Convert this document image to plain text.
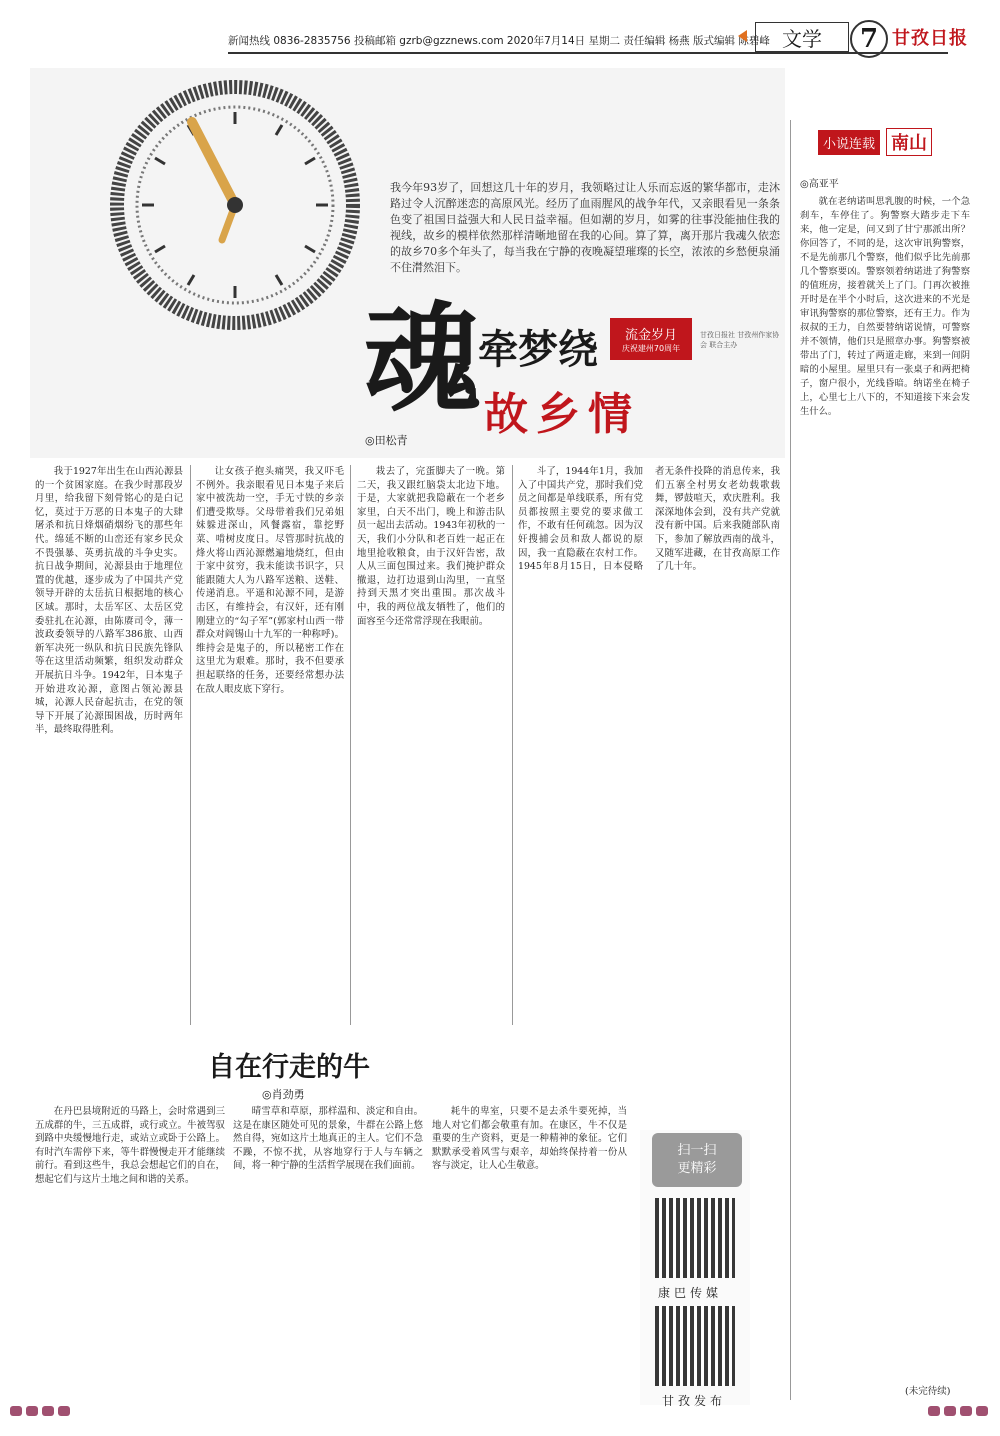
新闻热线 0836-2835756 投稿邮箱 gzrb@gzznews.com 2020年7月14日 星期二 责任编辑 杨燕 版式编辑 陈碧峰 文学	7 甘孜日报
我今年93岁了，回想这几十年的岁月，我领略过让人乐而忘返的繁华都市，走沐路过令人沉醉迷恋的高原风光。经历了血雨腥风的战争年代，又亲眼看见一条条色变了祖国日益强大和人民日益幸福。但如潮的岁月，如雾的往事没能抽住我的视线，故乡的模样依然那样清晰地留在我的心间。算了算，离开那片我魂久依恋的故乡70多个年头了，每当我在宁静的夜晚凝望璀璨的长空，浓浓的乡愁便泉涌不住潸然泪下。
魂
牵梦绕 流金岁月
庆祝建州70周年
甘孜日报社 甘孜州作家协会 联合主办
故乡情
◎田松青

我于1927年出生在山西沁源县的一个贫困家庭。在我少时那段岁月里，给我留下刻骨铭心的是白记忆，莫过于万恶的日本鬼子的大肆屠杀和抗日烽烟硝烟纷飞的那些年代。绵延不断的山峦还有家乡民众不畏强暴、英勇抗战的斗争史实。抗日战争期间，沁源县由于地理位置的优越，逐步成为了中国共产党领导开辟的太岳抗日根据地的核心区域。那时，太岳军区、太岳区党委驻扎在沁源，由陈赓司令，薄一波政委领导的八路军386旅、山西新军决死一纵队和抗日民族先锋队等在这里活动频繁，组织发动群众开展抗日斗争。1942年，日本鬼子开始进攻沁源，意图占领沁源县城，沁源人民奋起抗击，在党的领导下开展了沁源围困战，历时两年半，最终取得胜利。

让女孩子抱头痛哭，我又吓毛不例外。我亲眼看见日本鬼子来后家中被洗劫一空，手无寸铁的乡亲们遭受欺辱。父母带着我们兄弟姐妹躲进深山，风餐露宿，靠挖野菜、啃树皮度日。尽管那时抗战的烽火将山西沁源燃遍地烧红，但由于家中贫穷，我未能读书识字，只能跟随大人为八路军送粮、送鞋、传递消息。平遥和沁源不同，是游击区，有维持会，有汉奸，还有刚刚建立的“勾子军”(郭家村山西一带群众对阎锡山十九军的一种称呼)。维持会是鬼子的，所以秘密工作在这里尤为艰难。那时，我不但要承担起联络的任务，还要经常想办法在敌人眼皮底下穿行。

栽去了，完蛋脚夫了一晚。第二天，我又跟红脑袋太北边下地。于是，大家就把我隐蔽在一个老乡家里，白天不出门，晚上和游击队员一起出去活动。1943年初秋的一天，我们小分队和老百姓一起正在地里抢收粮食，由于汉奸告密，敌人从三面包围过来。我们掩护群众撤退，边打边退到山沟里，一直坚持到天黑才突出重围。那次战斗中，我的两位战友牺牲了，他们的面容至今还常常浮现在我眼前。

斗了，1944年1月，我加入了中国共产党，那时我们党员之间都是单线联系，所有党员都按照主要党的要求做工作，不敢有任何疏忽。因为汉奸搜捕会员和敌人都说的原因，我一直隐蔽在农村工作。1945年8月15日，日本侵略者无条件投降的消息传来，我们五寨全村男女老幼载歌载舞，锣鼓喧天，欢庆胜利。我深深地体会到，没有共产党就没有新中国。后来我随部队南下，参加了解放西南的战斗，又随军进藏，在甘孜高原工作了几十年。

自在行走的牛
◎肖劲勇

在丹巴县境附近的马路上，会时常遇到三五成群的牛，三五成群，或行或立。牛被驾驭到路中央缓慢地行走，或站立或卧于公路上。有时汽车需停下来，等牛群慢慢走开才能继续前行。看到这些牛，我总会想起它们的自在，想起它们与这片土地之间和谐的关系。

晴雪草和草原，那样温和、淡定和自由。这是在康区随处可见的景象，牛群在公路上悠然自得，宛如这片土地真正的主人。它们不急不躁，不惊不扰，从容地穿行于人与车辆之间，将一种宁静的生活哲学展现在我们面前。

耗牛的卑室，只要不是去杀牛要死掉，当地人对它们都会敬重有加。在康区，牛不仅是重要的生产资料，更是一种精神的象征。它们默默承受着风雪与艰辛，却始终保持着一份从容与淡定，让人心生敬意。

扫一扫
更精彩
康巴传媒
甘孜发布
小说连载 南山
◎高亚平

就在老纳诺叫思乳腹的时候，一个急刹车，车停住了。狗警察大踏步走下车来，他一定是，问又到了甘宁那派出所？你回答了，不同的是，这次审讯狗警察，不是先前那几个警察，他们似乎比先前那几个警察要凶。警察领着纳诺进了狗警察的值班房，接着就关上了门。门再次被推开时是在半个小时后，这次进来的不光是审讯狗警察的那位警察，还有王力。作为叔叔的王力，自然要替纳诺说情，可警察并不领情，他们只是照章办事。狗警察被带出了门，转过了两道走廊，来到一间阴暗的小屋里。屋里只有一张桌子和两把椅子，窗户很小，光线昏暗。纳诺坐在椅子上，心里七上八下的，不知道接下来会发生什么。

(未完待续)
